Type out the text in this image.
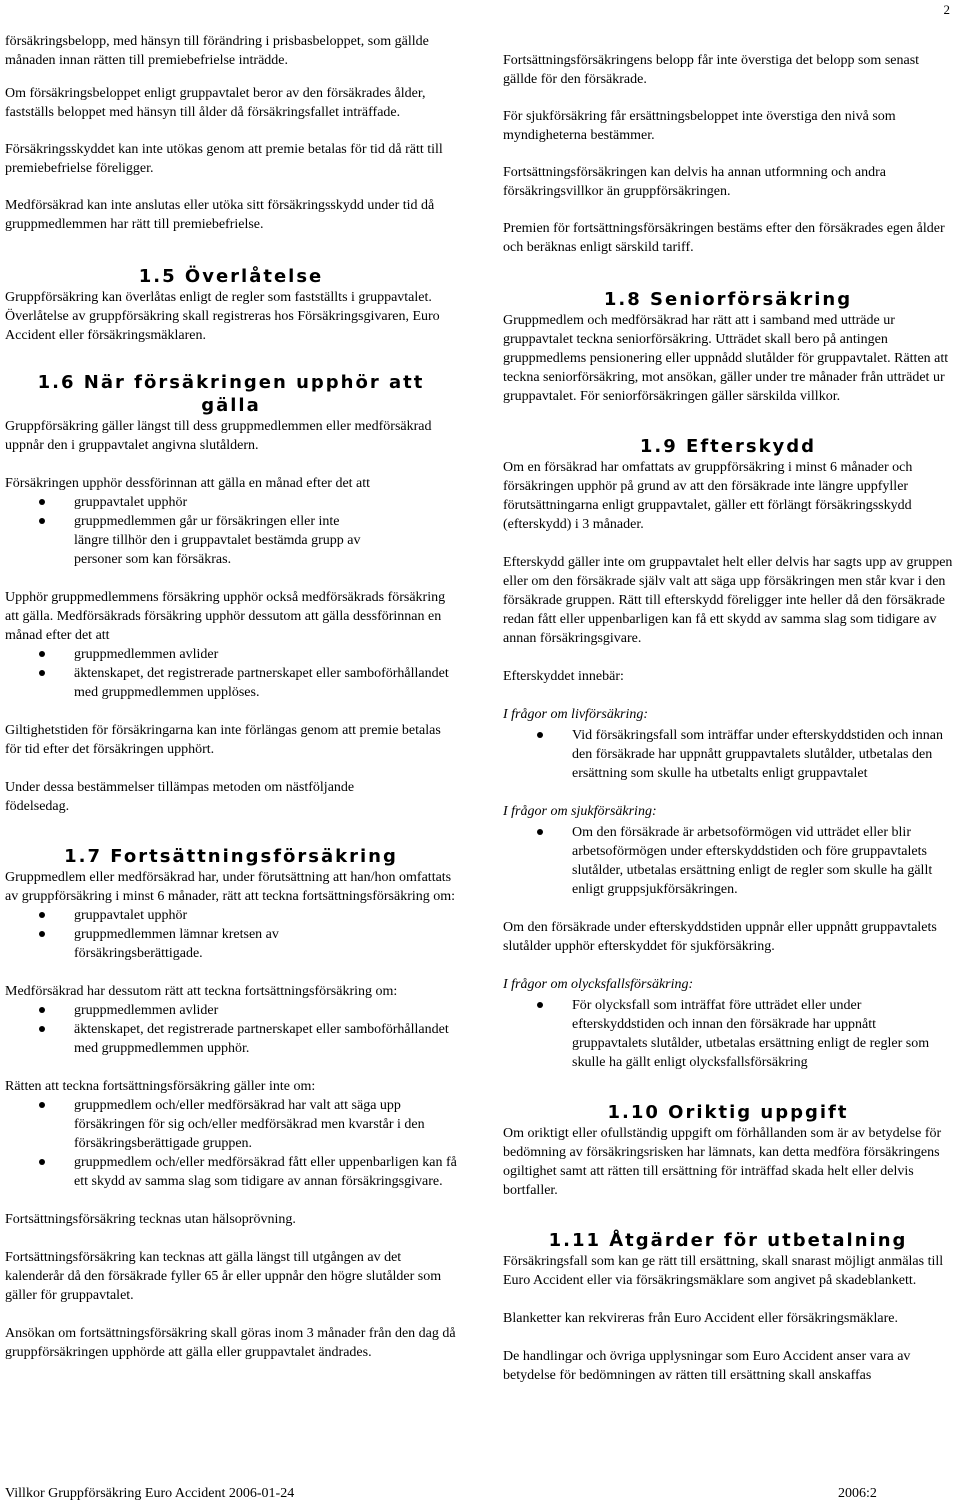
2

försäkringsbelopp, med hänsyn till förändring i prisbasbeloppet, som gällde månaden innan rätten till premiebefrielse inträdde.

Om försäkringsbeloppet enligt gruppavtalet beror av den försäkrades ålder, fastställs beloppet med hänsyn till ålder då försäkringsfallet inträffade.

Försäkringsskyddet kan inte utökas genom att premie betalas för tid då rätt till premiebefrielse föreligger.

Medförsäkrad kan inte anslutas eller utöka sitt försäkringsskydd under tid då gruppmedlemmen har rätt till premiebefrielse.

1.5 Överlåtelse

Gruppförsäkring kan överlåtas enligt de regler som fastställts i gruppavtalet. Överlåtelse av gruppförsäkring skall registreras hos Försäkringsgivaren, Euro Accident eller försäkringsmäklaren.

1.6 När försäkringen upphör att gälla

Gruppförsäkring gäller längst till dess gruppmedlemmen eller medförsäkrad uppnår den i gruppavtalet angivna slutåldern.

Försäkringen upphör dessförinnan att gälla en månad efter det att

gruppavtalet upphör
gruppmedlemmen går ur försäkringen eller inte längre tillhör den i gruppavtalet bestämda grupp av personer som kan försäkras.

Upphör gruppmedlemmens försäkring upphör också medförsäkrads försäkring att gälla. Medförsäkrads försäkring upphör dessutom att gälla dessförinnan en månad efter det att

gruppmedlemmen avlider
äktenskapet, det registrerade partnerskapet eller samboförhållandet med gruppmedlemmen upplöses.

Giltighetstiden för försäkringarna kan inte förlängas genom att premie betalas för tid efter det försäkringen upphört.

Under dessa bestämmelser tillämpas metoden om nästföljande födelsedag.

1.7 Fortsättningsförsäkring

Gruppmedlem eller medförsäkrad har, under förutsättning att han/hon omfattats av gruppförsäkring i minst 6 månader, rätt att teckna fortsättningsförsäkring om:

gruppavtalet upphör
gruppmedlemmen lämnar kretsen av försäkringsberättigade.

Medförsäkrad har dessutom rätt att teckna fortsättningsförsäkring om:

gruppmedlemmen avlider
äktenskapet, det registrerade partnerskapet eller samboförhållandet med gruppmedlemmen upphör.

Rätten att teckna fortsättningsförsäkring gäller inte om:

gruppmedlem och/eller medförsäkrad har valt att säga upp försäkringen för sig och/eller medförsäkrad men kvarstår i den försäkringsberättigade gruppen.
gruppmedlem och/eller medförsäkrad fått eller uppenbarligen kan få ett skydd av samma slag som tidigare av annan försäkringsgivare.

Fortsättningsförsäkring tecknas utan hälsoprövning.

Fortsättningsförsäkring kan tecknas att gälla längst till utgången av det kalenderår då den försäkrade fyller 65 år eller uppnår den högre slutålder som gäller för gruppavtalet.

Ansökan om fortsättningsförsäkring skall göras inom 3 månader från den dag då gruppförsäkringen upphörde att gälla eller gruppavtalet ändrades.

Fortsättningsförsäkringens belopp får inte överstiga det belopp som senast gällde för den försäkrade.

För sjukförsäkring får ersättningsbeloppet inte överstiga den nivå som myndigheterna bestämmer.

Fortsättningsförsäkringen kan delvis ha annan utformning och andra försäkringsvillkor än gruppförsäkringen.

Premien för fortsättningsförsäkringen bestäms efter den försäkrades egen ålder och beräknas enligt särskild tariff.

1.8 Seniorförsäkring

Gruppmedlem och medförsäkrad har rätt att i samband med utträde ur gruppavtalet teckna seniorförsäkring. Utträdet skall bero på antingen gruppmedlems pensionering eller uppnådd slutålder för gruppavtalet. Rätten att teckna seniorförsäkring, mot ansökan, gäller under tre månader från utträdet ur gruppavtalet. För seniorförsäkringen gäller särskilda villkor.

1.9 Efterskydd

Om en försäkrad har omfattats av gruppförsäkring i minst 6 månader och försäkringen upphör på grund av att den försäkrade inte längre uppfyller förutsättningarna enligt gruppavtalet, gäller ett förlängt försäkringsskydd (efterskydd) i 3 månader.

Efterskydd gäller inte om gruppavtalet helt eller delvis har sagts upp av gruppen eller om den försäkrade själv valt att säga upp försäkringen men står kvar i den försäkrade gruppen. Rätt till efterskydd föreligger inte heller då den försäkrade redan fått eller uppenbarligen kan få ett skydd av samma slag som tidigare av annan försäkringsgivare.

Efterskyddet innebär:

I frågor om livförsäkring:

Vid försäkringsfall som inträffar under efterskyddstiden och innan den försäkrade har uppnått gruppavtalets slutålder, utbetalas den ersättning som skulle ha utbetalts enligt gruppavtalet

I frågor om sjukförsäkring:

Om den försäkrade är arbetsoförmögen vid utträdet eller blir arbetsoförmögen under efterskyddstiden och före gruppavtalets slutålder, utbetalas ersättning enligt de regler som skulle ha gällt enligt gruppsjukförsäkringen.

Om den försäkrade under efterskyddstiden uppnår eller uppnått gruppavtalets slutålder upphör efterskyddet för sjukförsäkring.

I frågor om olycksfallsförsäkring:

För olycksfall som inträffat före utträdet eller under efterskyddstiden och innan den försäkrade har uppnått gruppavtalets slutålder, utbetalas ersättning enligt de regler som skulle ha gällt enligt olycksfallsförsäkring
1.10 Oriktig uppgift

Om oriktigt eller ofullständig uppgift om förhållanden som är av betydelse för bedömning av försäkringsrisken har lämnats, kan detta medföra försäkringens ogiltighet samt att rätten till ersättning för inträffad skada helt eller delvis bortfaller.

1.11 Åtgärder för utbetalning

Försäkringsfall som kan ge rätt till ersättning, skall snarast möjligt anmälas till Euro Accident eller via försäkringsmäklare som angivet på skadeblankett.

Blanketter kan rekvireras från Euro Accident eller försäkringsmäklare.

De handlingar och övriga upplysningar som Euro Accident anser vara av betydelse för bedömningen av rätten till ersättning skall anskaffas

Villkor Gruppförsäkring Euro Accident 2006-01-24	2006:2
